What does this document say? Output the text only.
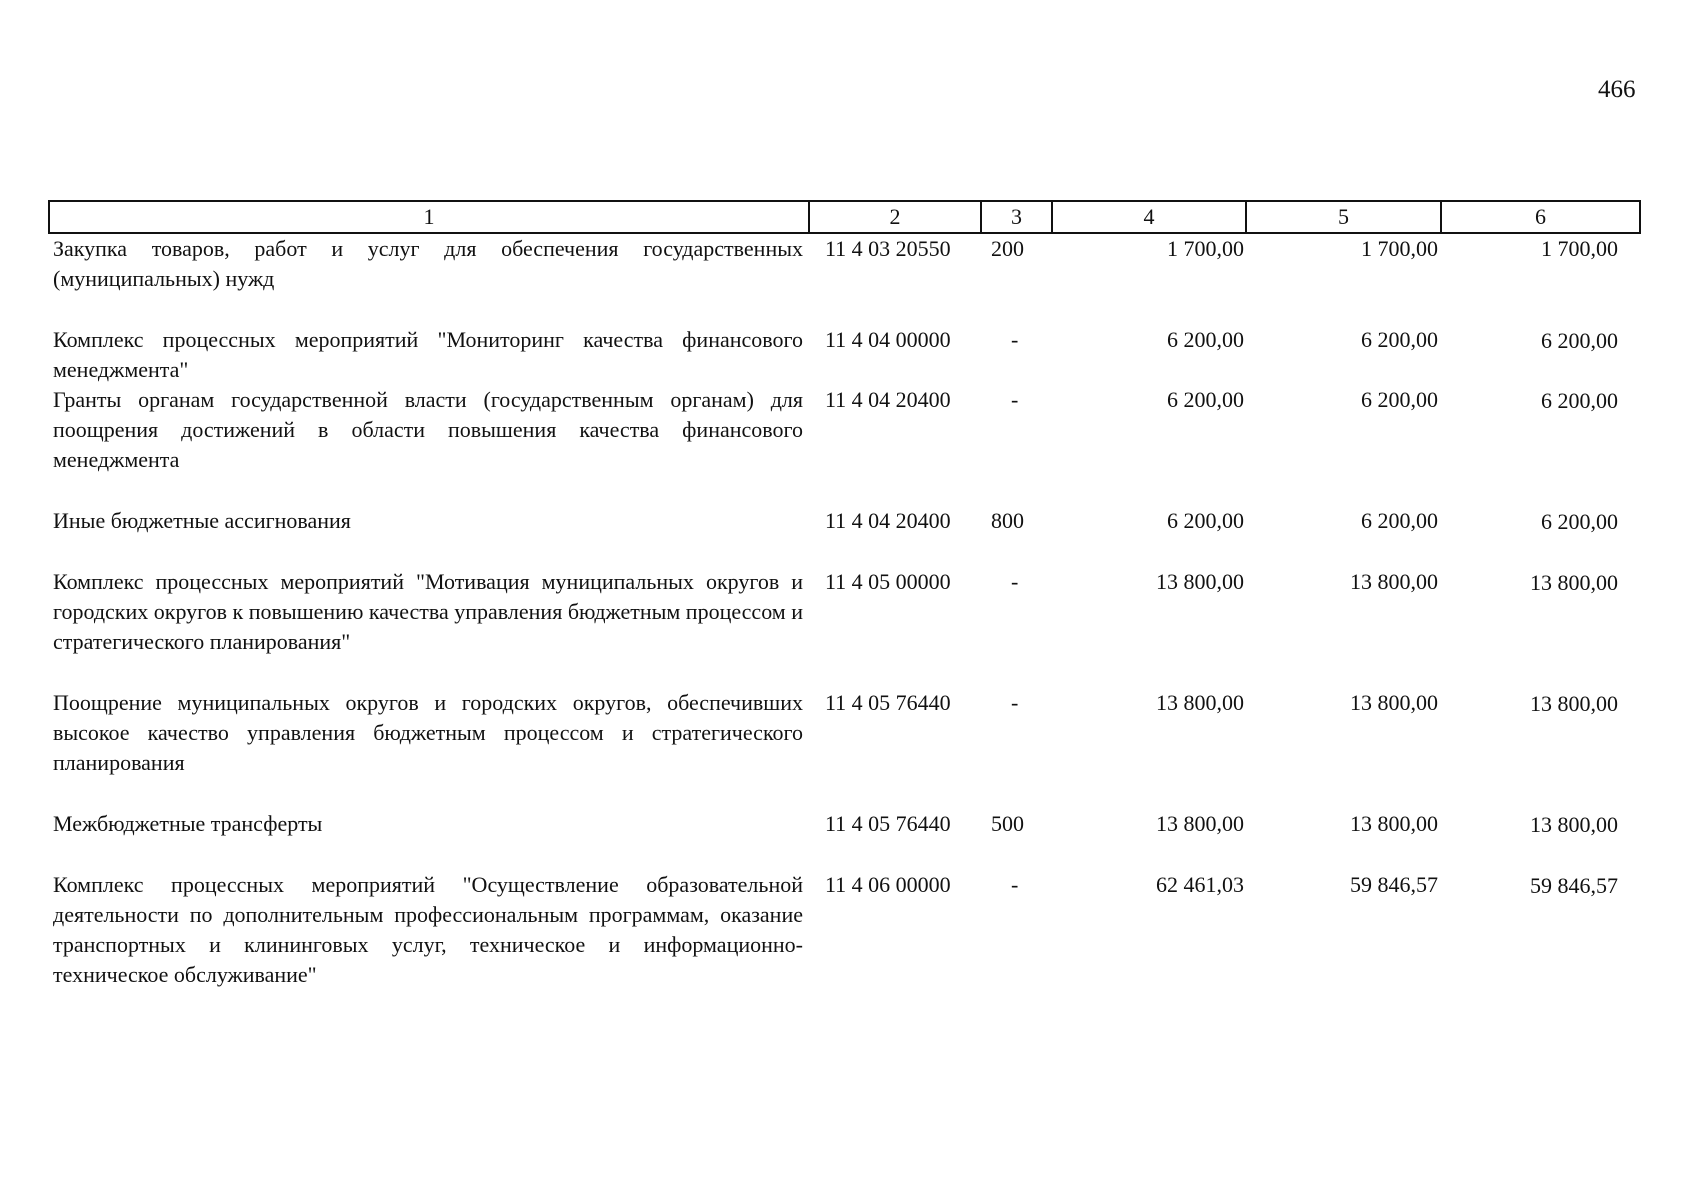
466
1	2	3	4	5	6
Закупка товаров, работ и услуг для обеспечения государственных (муниципальных) нужд	11 4 03 20550	200	1 700,00	1 700,00	1 700,00
Комплекс процессных мероприятий "Мониторинг качества финансового менеджмента"	11 4 04 00000	-	6 200,00	6 200,00	6 200,00
Гранты органам государственной власти (государственным органам) для поощрения достижений в области повышения качества финансового менеджмента	11 4 04 20400	-	6 200,00	6 200,00	6 200,00
Иные бюджетные ассигнования	11 4 04 20400	800	6 200,00	6 200,00	6 200,00
Комплекс процессных мероприятий "Мотивация муниципальных округов и городских округов к повышению качества управления бюджетным процессом и стратегического планирования"	11 4 05 00000	-	13 800,00	13 800,00	13 800,00
Поощрение муниципальных округов и городских округов, обеспечивших высокое качество управления бюджетным процессом и стратегического планирования	11 4 05 76440	-	13 800,00	13 800,00	13 800,00
Межбюджетные трансферты	11 4 05 76440	500	13 800,00	13 800,00	13 800,00
Комплекс процессных мероприятий "Осуществление образовательной деятельности по дополнительным профессиональным программам, оказание транспортных и клининговых услуг, техническое и информационно-техническое обслуживание"	11 4 06 00000	-	62 461,03	59 846,57	59 846,57
